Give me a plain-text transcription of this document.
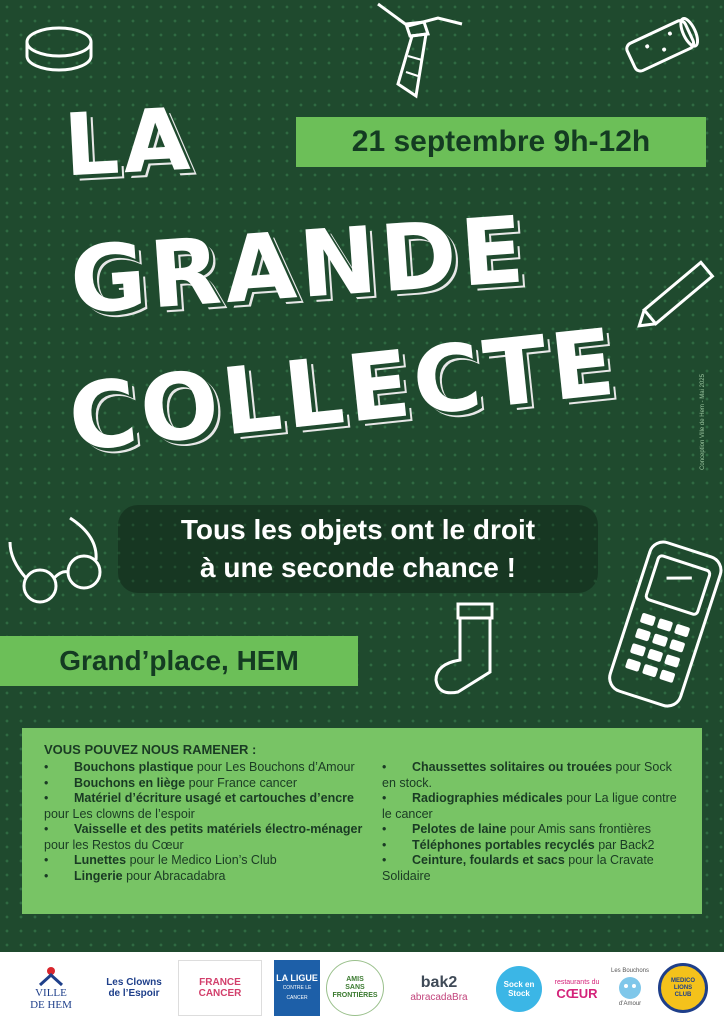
LA
GRANDE
COLLECTE
21 septembre 9h-12h
Tous les objets ont le droit
à une seconde chance !
Grand’place, HEM
Conception Ville de Hem - Mai 2025
VOUS POUVEZ NOUS RAMENER :
• Bouchons plastique pour Les Bouchons d’Amour
• Bouchons en liège pour France cancer
• Matériel d’écriture usagé et cartouches d’encre pour Les clowns de l’espoir
• Vaisselle et des petits matériels électro-ménager pour les Restos du Cœur
• Lunettes pour le Medico Lion’s Club
• Lingerie pour Abracadabra
• Chaussettes solitaires ou trouées pour Sock en stock.
• Radiographies médicales pour La ligue contre le cancer
• Pelotes de laine pour Amis sans frontières
• Téléphones portables recyclés par Back2
• Ceinture, foulards et sacs pour la Cravate Solidaire
VILLE
DE HEM
Les Clowns
de l’Espoir
FRANCE
CANCER
LA LIGUE
CONTRE LE CANCER
AMIS
SANS
FRONTIÈRES
bak2
abracadaBra
Sock en Stock
restaurants du
CŒUR
Les Bouchons
d’Amour
MEDICO LIONS CLUB
